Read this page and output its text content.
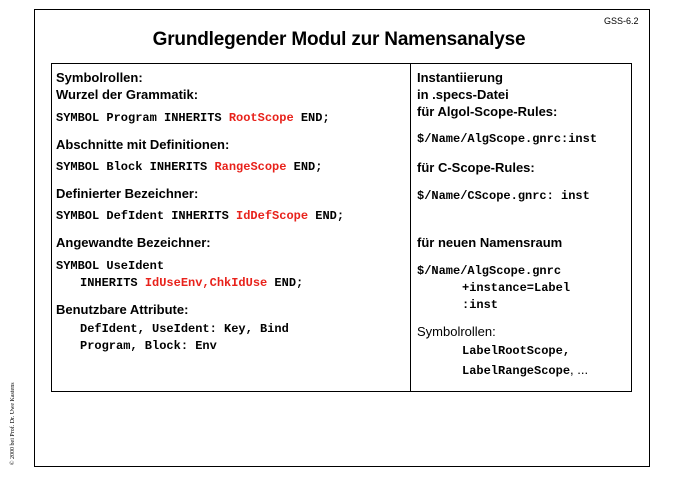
GSS-6.2
Grundlegender Modul zur Namensanalyse
Symbolrollen:
Wurzel der Grammatik:
SYMBOL Program INHERITS RootScope END;
Abschnitte mit Definitionen:
SYMBOL Block INHERITS RangeScope END;
Definierter Bezeichner:
SYMBOL DefIdent INHERITS IdDefScope END;
Angewandte Bezeichner:
SYMBOL UseIdent
INHERITS IdUseEnv,ChkIdUse END;
Benutzbare Attribute:
DefIdent, UseIdent: Key, Bind
Program, Block: Env
Instantiierung
in .specs-Datei
für Algol-Scope-Rules:
$/Name/AlgScope.gnrc:inst
für C-Scope-Rules:
$/Name/CScope.gnrc: inst
für neuen Namensraum
$/Name/AlgScope.gnrc
+instance=Label
:inst
Symbolrollen:
LabelRootScope,
LabelRangeScope, ...
© 2000 bei Prof. Dr. Uwe Kastens
